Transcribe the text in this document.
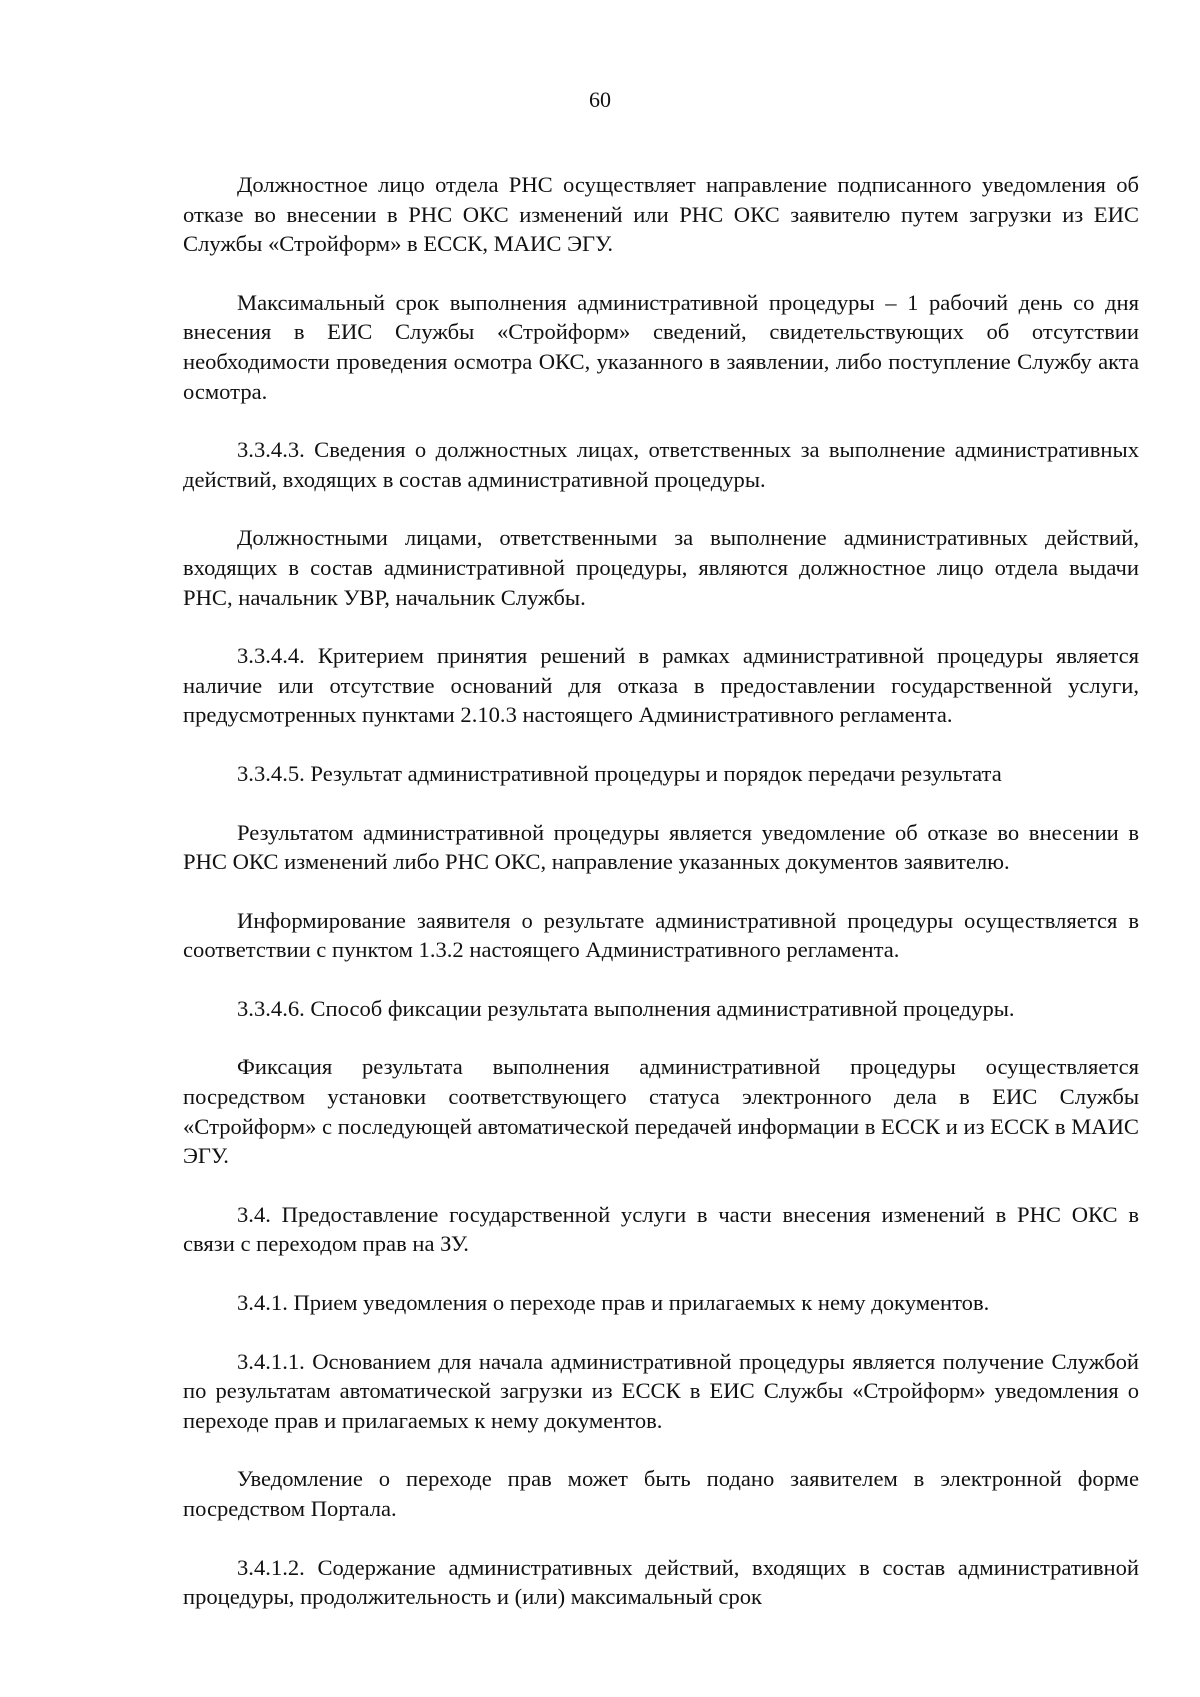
60

Должностное лицо отдела РНС осуществляет направление подписанного уведомления об отказе во внесении в РНС ОКС изменений или РНС ОКС заявителю путем загрузки из ЕИС Службы «Стройформ» в ЕССК, МАИС ЭГУ.

Максимальный срок выполнения административной процедуры – 1 рабочий день со дня внесения в ЕИС Службы «Стройформ» сведений, свидетельствующих об отсутствии необходимости проведения осмотра ОКС, указанного в заявлении, либо поступление Службу акта осмотра.

3.3.4.3. Сведения о должностных лицах, ответственных за выполнение административных действий, входящих в состав административной процедуры.

Должностными лицами, ответственными за выполнение административных действий, входящих в состав административной процедуры, являются должностное лицо отдела выдачи РНС, начальник УВР, начальник Службы.

3.3.4.4. Критерием принятия решений в рамках административной процедуры является наличие или отсутствие оснований для отказа в предоставлении государственной услуги, предусмотренных пунктами 2.10.3 настоящего Административного регламента.

3.3.4.5. Результат административной процедуры и порядок передачи результата

Результатом административной процедуры является уведомление об отказе во внесении в РНС ОКС изменений либо РНС ОКС, направление указанных документов заявителю.

Информирование заявителя о результате административной процедуры осуществляется в соответствии с пунктом 1.3.2 настоящего Административного регламента.

3.3.4.6. Способ фиксации результата выполнения административной процедуры.

Фиксация результата выполнения административной процедуры осуществляется посредством установки соответствующего статуса электронного дела в ЕИС Службы «Стройформ» с последующей автоматической передачей информации в ЕССК и из ЕССК в МАИС ЭГУ.

3.4. Предоставление государственной услуги в части внесения изменений в РНС ОКС в связи с переходом прав на ЗУ.

3.4.1. Прием уведомления о переходе прав и прилагаемых к нему документов.

3.4.1.1. Основанием для начала административной процедуры является получение Службой по результатам автоматической загрузки из ЕССК в ЕИС Службы «Стройформ» уведомления о переходе прав и прилагаемых к нему документов.

Уведомление о переходе прав может быть подано заявителем в электронной форме посредством Портала.

3.4.1.2. Содержание административных действий, входящих в состав административной процедуры, продолжительность и (или) максимальный срок
